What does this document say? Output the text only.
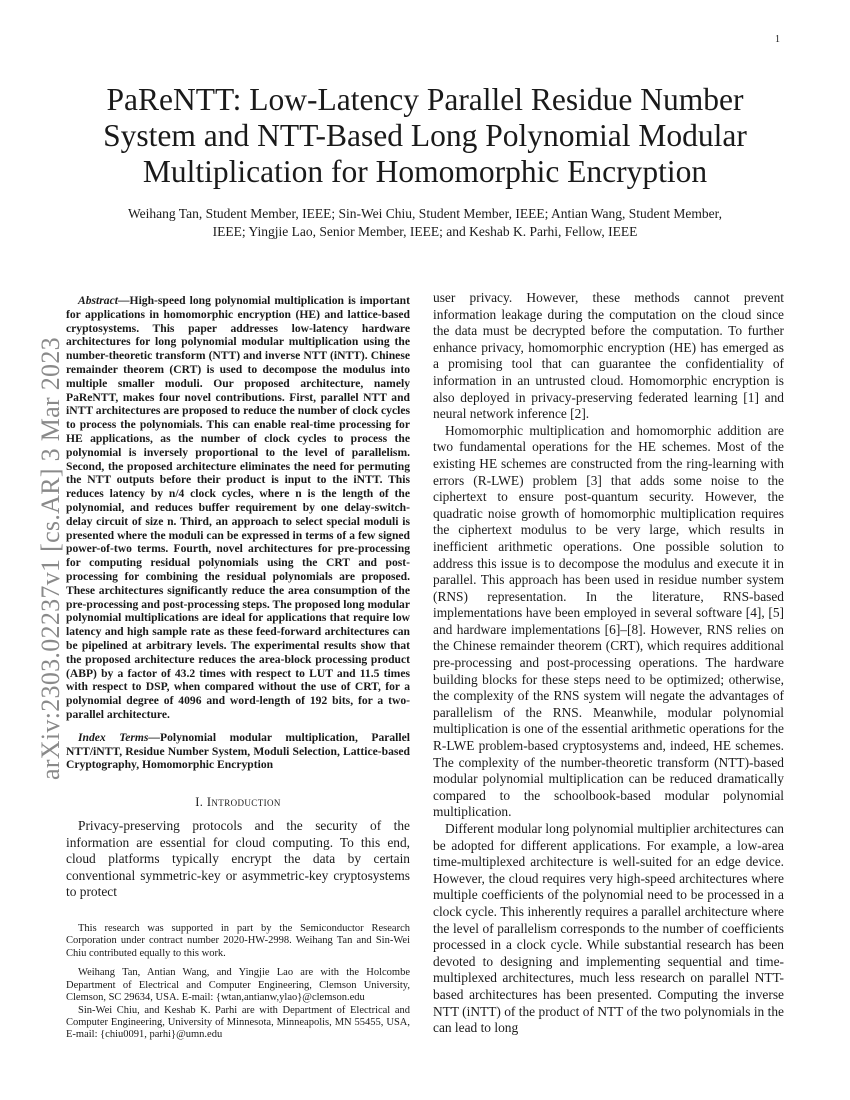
1
arXiv:2303.02237v1 [cs.AR] 3 Mar 2023
PaReNTT: Low-Latency Parallel Residue Number System and NTT-Based Long Polynomial Modular Multiplication for Homomorphic Encryption

Weihang Tan, Student Member, IEEE; Sin-Wei Chiu, Student Member, IEEE; Antian Wang, Student Member, IEEE; Yingjie Lao, Senior Member, IEEE; and Keshab K. Parhi, Fellow, IEEE

Abstract—High-speed long polynomial multiplication is important for applications in homomorphic encryption (HE) and lattice-based cryptosystems. This paper addresses low-latency hardware architectures for long polynomial modular multiplication using the number-theoretic transform (NTT) and inverse NTT (iNTT). Chinese remainder theorem (CRT) is used to decompose the modulus into multiple smaller moduli. Our proposed architecture, namely PaReNTT, makes four novel contributions. First, parallel NTT and iNTT architectures are proposed to reduce the number of clock cycles to process the polynomials. This can enable real-time processing for HE applications, as the number of clock cycles to process the polynomial is inversely proportional to the level of parallelism. Second, the proposed architecture eliminates the need for permuting the NTT outputs before their product is input to the iNTT. This reduces latency by n/4 clock cycles, where n is the length of the polynomial, and reduces buffer requirement by one delay-switch-delay circuit of size n. Third, an approach to select special moduli is presented where the moduli can be expressed in terms of a few signed power-of-two terms. Fourth, novel architectures for pre-processing for computing residual polynomials using the CRT and post-processing for combining the residual polynomials are proposed. These architectures significantly reduce the area consumption of the pre-processing and post-processing steps. The proposed long modular polynomial multiplications are ideal for applications that require low latency and high sample rate as these feed-forward architectures can be pipelined at arbitrary levels. The experimental results show that the proposed architecture reduces the area-block processing product (ABP) by a factor of 43.2 times with respect to LUT and 11.5 times with respect to DSP, when compared without the use of CRT, for a polynomial degree of 4096 and word-length of 192 bits, for a two-parallel architecture.

Index Terms—Polynomial modular multiplication, Parallel NTT/iNTT, Residue Number System, Moduli Selection, Lattice-based Cryptography, Homomorphic Encryption

I. Introduction

Privacy-preserving protocols and the security of the information are essential for cloud computing. To this end, cloud platforms typically encrypt the data by certain conventional symmetric-key or asymmetric-key cryptosystems to protect

This research was supported in part by the Semiconductor Research Corporation under contract number 2020-HW-2998. Weihang Tan and Sin-Wei Chiu contributed equally to this work.

Weihang Tan, Antian Wang, and Yingjie Lao are with the Holcombe Department of Electrical and Computer Engineering, Clemson University, Clemson, SC 29634, USA. E-mail: {wtan,antianw,ylao}@clemson.edu

Sin-Wei Chiu, and Keshab K. Parhi are with Department of Electrical and Computer Engineering, University of Minnesota, Minneapolis, MN 55455, USA, E-mail: {chiu0091, parhi}@umn.edu

user privacy. However, these methods cannot prevent information leakage during the computation on the cloud since the data must be decrypted before the computation. To further enhance privacy, homomorphic encryption (HE) has emerged as a promising tool that can guarantee the confidentiality of information in an untrusted cloud. Homomorphic encryption is also deployed in privacy-preserving federated learning [1] and neural network inference [2].

Homomorphic multiplication and homomorphic addition are two fundamental operations for the HE schemes. Most of the existing HE schemes are constructed from the ring-learning with errors (R-LWE) problem [3] that adds some noise to the ciphertext to ensure post-quantum security. However, the quadratic noise growth of homomorphic multiplication requires the ciphertext modulus to be very large, which results in inefficient arithmetic operations. One possible solution to address this issue is to decompose the modulus and execute it in parallel. This approach has been used in residue number system (RNS) representation. In the literature, RNS-based implementations have been employed in several software [4], [5] and hardware implementations [6]–[8]. However, RNS relies on the Chinese remainder theorem (CRT), which requires additional pre-processing and post-processing operations. The hardware building blocks for these steps need to be optimized; otherwise, the complexity of the RNS system will negate the advantages of parallelism of the RNS. Meanwhile, modular polynomial multiplication is one of the essential arithmetic operations for the R-LWE problem-based cryptosystems and, indeed, HE schemes. The complexity of the number-theoretic transform (NTT)-based modular polynomial multiplication can be reduced dramatically compared to the schoolbook-based modular polynomial multiplication.

Different modular long polynomial multiplier architectures can be adopted for different applications. For example, a low-area time-multiplexed architecture is well-suited for an edge device. However, the cloud requires very high-speed architectures where multiple coefficients of the polynomial need to be processed in a clock cycle. This inherently requires a parallel architecture where the level of parallelism corresponds to the number of coefficients processed in a clock cycle. While substantial research has been devoted to designing and implementing sequential and time-multiplexed architectures, much less research on parallel NTT-based architectures has been presented. Computing the inverse NTT (iNTT) of the product of NTT of the two polynomials in the can lead to long
